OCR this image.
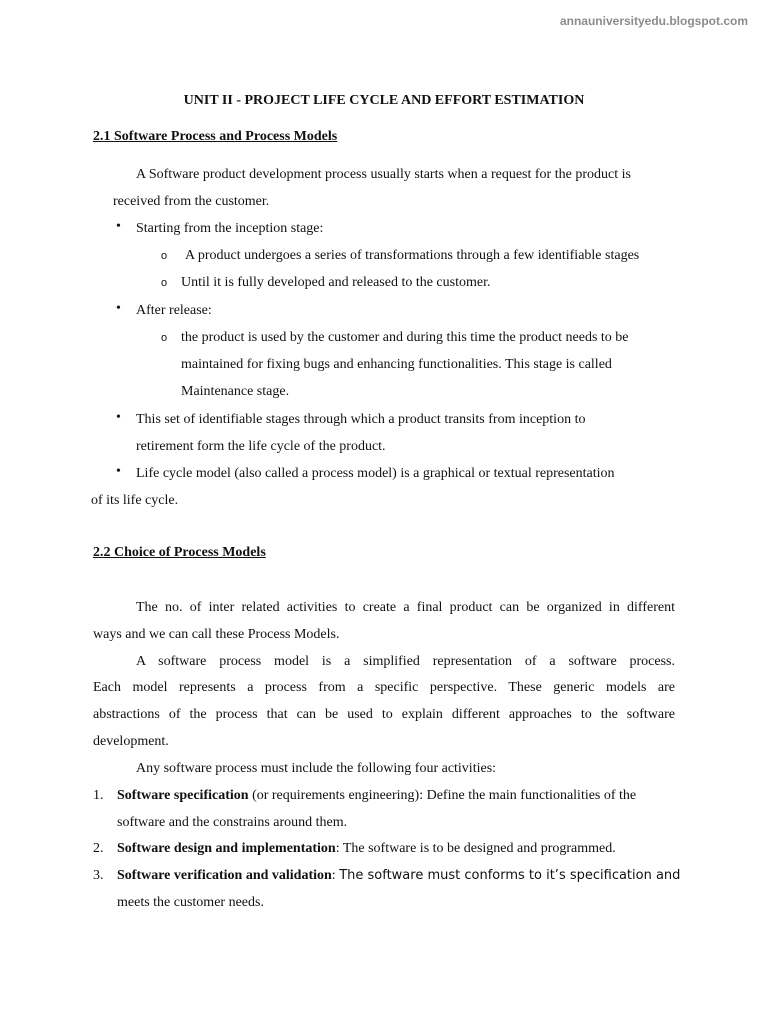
annauniversityedu.blogspot.com
UNIT II - PROJECT LIFE CYCLE AND EFFORT ESTIMATION
2.1 Software Process and Process Models
A Software product development process usually starts when a request for the product is
received from the customer.
• Starting from the inception stage:
o A product undergoes a series of transformations through a few identifiable stages
o Until it is fully developed and released to the customer.
• After release:
o the product is used by the customer and during this time the product needs to be
maintained for fixing bugs and enhancing functionalities. This stage is called
Maintenance stage.
• This set of identifiable stages through which a product transits from inception to
retirement form the life cycle of the product.
• Life cycle model (also called a process model) is a graphical or textual representation
of its life cycle.
2.2 Choice of Process Models
The no. of inter related activities to create a final product can be organized in different
ways and we can call these Process Models.
A software process model is a simplified representation of a software process.
Each model represents a process from a specific perspective. These generic models are
abstractions of the process that can be used to explain different approaches to the software
development.
Any software process must include the following four activities:
1. Software specification (or requirements engineering): Define the main functionalities of the
software and the constrains around them.
2. Software design and implementation: The software is to be designed and programmed.
3. Software verification and validation: The software must conforms to it’s specification and
meets the customer needs.
